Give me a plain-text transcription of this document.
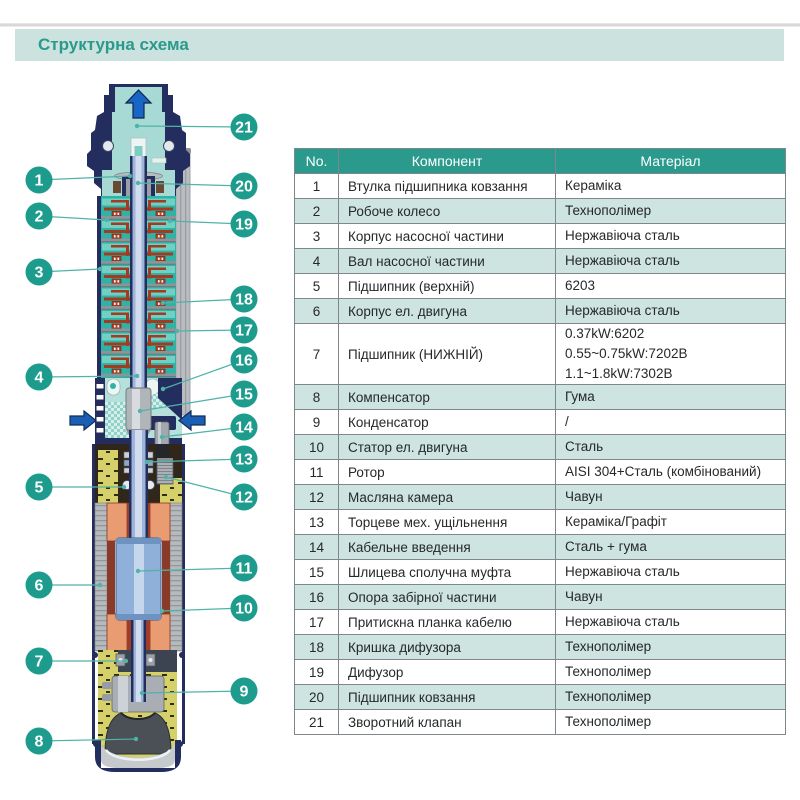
Структурна схема
1
2
3
4
5
6
7
8
9
10
11
12
13
14
15
16
17
18
19
20
21
No.	Компонент	Матеріал
1	Втулка підшипника ковзання	Кераміка

2	Робоче колесо	Технополімер

3	Корпус насосної частини	Нержавіюча сталь

4	Вал насосної частини	Нержавіюча сталь

5	Підшипник (верхній)	6203

6	Корпус ел. двигуна	Нержавіюча сталь

7	Підшипник (НИЖНІЙ)	0.37kW:6202
0.55~0.75kW:7202B
1.1~1.8kW:7302B

8	Компенсатор	Гума

9	Конденсатор	/

10	Статор ел. двигуна	Сталь

11	Ротор	AISI 304+Сталь (комбінований)

12	Масляна камера	Чавун

13	Торцеве мех. ущільнення	Кераміка/Графіт

14	Кабельне введення	Сталь + гума

15	Шлицева сполучна муфта	Нержавіюча сталь

16	Опора забірної частини	Чавун

17	Притискна планка кабелю	Нержавіюча сталь

18	Кришка дифузора	Технополімер

19	Дифузор	Технополімер

20	Підшипник ковзання	Технополімер

21	Зворотний клапан	Технополімер
